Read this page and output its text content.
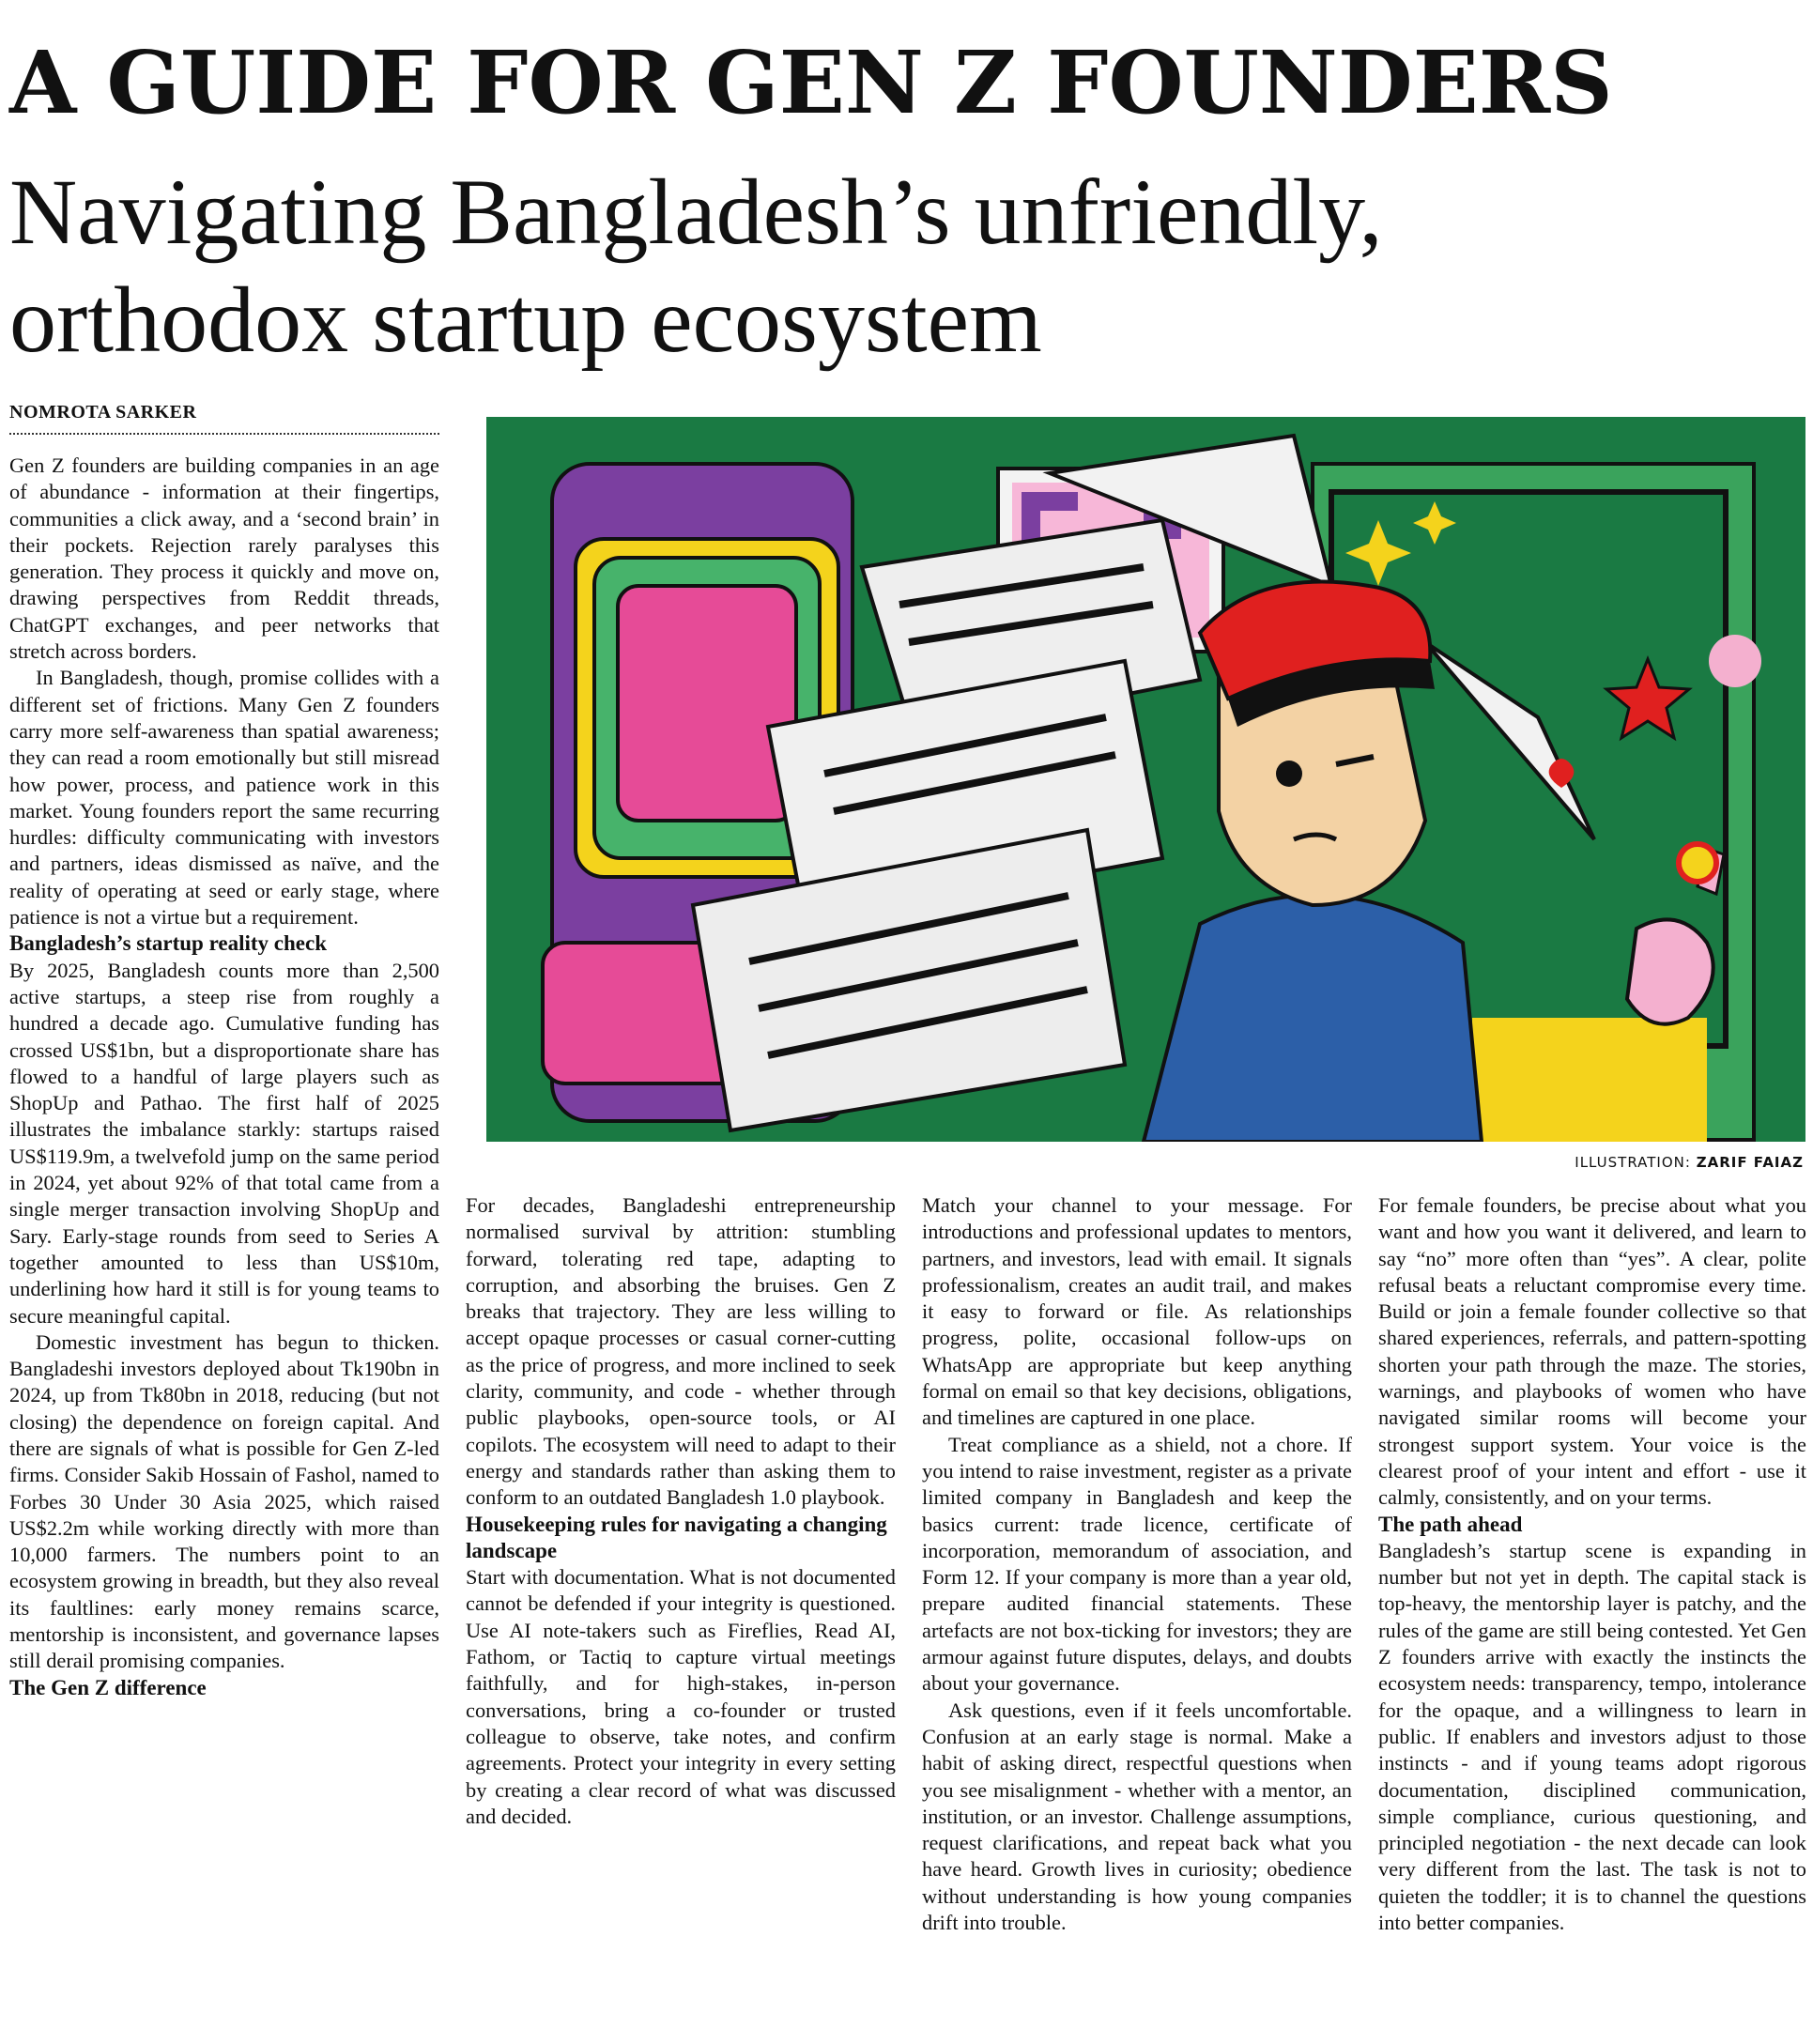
A GUIDE FOR GEN Z FOUNDERS
Navigating Bangladesh’s unfriendly,
orthodox startup ecosystem
NOMROTA SARKER
ILLUSTRATION: ZARIF FAIAZ

Gen Z founders are building companies in an age of abundance - information at their fingertips, communities a click away, and a ‘second brain’ in their pockets. Rejection rarely paralyses this generation. They process it quickly and move on, drawing perspectives from Reddit threads, ChatGPT exchanges, and peer networks that stretch across borders.

In Bangladesh, though, promise collides with a different set of frictions. Many Gen Z founders carry more self-awareness than spatial awareness; they can read a room emotionally but still misread how power, process, and patience work in this market. Young founders report the same recurring hurdles: difficulty communicating with investors and partners, ideas dismissed as naïve, and the reality of operating at seed or early stage, where patience is not a virtue but a requirement.

Bangladesh’s startup reality check

By 2025, Bangladesh counts more than 2,500 active startups, a steep rise from roughly a hundred a decade ago. Cumulative funding has crossed US$1bn, but a disproportionate share has flowed to a handful of large players such as ShopUp and Pathao. The first half of 2025 illustrates the imbalance starkly: startups raised US$119.9m, a twelvefold jump on the same period in 2024, yet about 92% of that total came from a single merger transaction involving ShopUp and Sary. Early-stage rounds from seed to Series A together amounted to less than US$10m, underlining how hard it still is for young teams to secure meaningful capital.

Domestic investment has begun to thicken. Bangladeshi investors deployed about Tk190bn in 2024, up from Tk80bn in 2018, reducing (but not closing) the dependence on foreign capital. And there are signals of what is possible for Gen Z-led firms. Consider Sakib Hossain of Fashol, named to Forbes 30 Under 30 Asia 2025, which raised US$2.2m while working directly with more than 10,000 farmers. The numbers point to an ecosystem growing in breadth, but they also reveal its faultlines: early money remains scarce, mentorship is inconsistent, and governance lapses still derail promising companies.

The Gen Z difference

For decades, Bangladeshi entrepreneurship normalised survival by attrition: stumbling forward, tolerating red tape, adapting to corruption, and absorbing the bruises. Gen Z breaks that trajectory. They are less willing to accept opaque processes or casual corner-cutting as the price of progress, and more inclined to seek clarity, community, and code - whether through public playbooks, open-source tools, or AI copilots. The ecosystem will need to adapt to their energy and standards rather than asking them to conform to an outdated Bangladesh 1.0 playbook.

Housekeeping rules for navigating a changing landscape

Start with documentation. What is not documented cannot be defended if your integrity is questioned. Use AI note-takers such as Fireflies, Read AI, Fathom, or Tactiq to capture virtual meetings faithfully, and for high-stakes, in-person conversations, bring a co-founder or trusted colleague to observe, take notes, and confirm agreements. Protect your integrity in every setting by creating a clear record of what was discussed and decided.

Match your channel to your message. For introductions and professional updates to mentors, partners, and investors, lead with email. It signals professionalism, creates an audit trail, and makes it easy to forward or file. As relationships progress, polite, occasional follow-ups on WhatsApp are appropriate but keep anything formal on email so that key decisions, obligations, and timelines are captured in one place.

Treat compliance as a shield, not a chore. If you intend to raise investment, register as a private limited company in Bangladesh and keep the basics current: trade licence, certificate of incorporation, memorandum of association, and Form 12. If your company is more than a year old, prepare audited financial statements. These artefacts are not box-ticking for investors; they are armour against future disputes, delays, and doubts about your governance.

Ask questions, even if it feels uncomfortable. Confusion at an early stage is normal. Make a habit of asking direct, respectful questions when you see misalignment - whether with a mentor, an institution, or an investor. Challenge assumptions, request clarifications, and repeat back what you have heard. Growth lives in curiosity; obedience without understanding is how young companies drift into trouble.

For female founders, be precise about what you want and how you want it delivered, and learn to say “no” more often than “yes”. A clear, polite refusal beats a reluctant compromise every time. Build or join a female founder collective so that shared experiences, referrals, and pattern-spotting shorten your path through the maze. The stories, warnings, and playbooks of women who have navigated similar rooms will become your strongest support system. Your voice is the clearest proof of your intent and effort - use it calmly, consistently, and on your terms.

The path ahead

Bangladesh’s startup scene is expanding in number but not yet in depth. The capital stack is top-heavy, the mentorship layer is patchy, and the rules of the game are still being contested. Yet Gen Z founders arrive with exactly the instincts the ecosystem needs: transparency, tempo, intolerance for the opaque, and a willingness to learn in public. If enablers and investors adjust to those instincts - and if young teams adopt rigorous documentation, disciplined communication, simple compliance, curious questioning, and principled negotiation - the next decade can look very different from the last. The task is not to quieten the toddler; it is to channel the questions into better companies.
